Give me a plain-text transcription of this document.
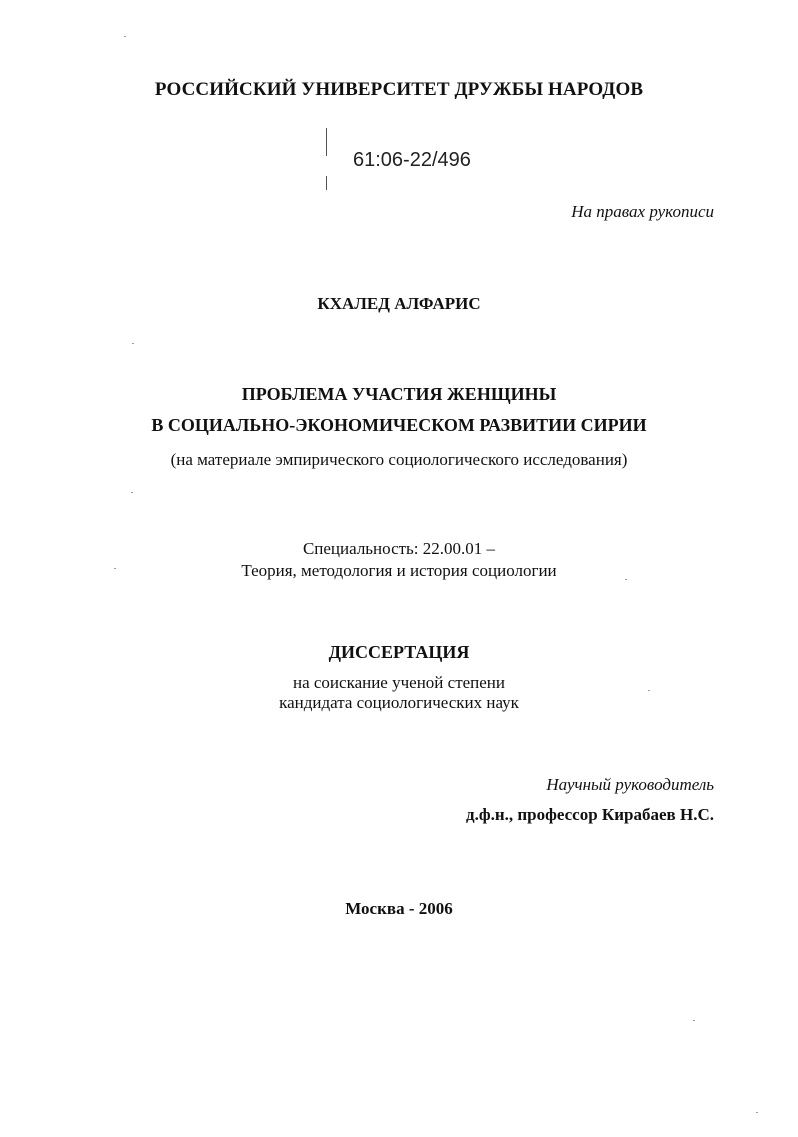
РОССИЙСКИЙ УНИВЕРСИТЕТ ДРУЖБЫ НАРОДОВ
61:06-22/496
На правах рукописи
КХАЛЕД АЛФАРИС
ПРОБЛЕМА УЧАСТИЯ ЖЕНЩИНЫ
В СОЦИАЛЬНО-ЭКОНОМИЧЕСКОМ РАЗВИТИИ СИРИИ
(на материале эмпирического социологического исследования)
Специальность: 22.00.01 –
Теория, методология и история социологии
ДИССЕРТАЦИЯ
на соискание ученой степени
кандидата социологических наук
Научный руководитель
д.ф.н., профессор Кирабаев Н.С.
Москва - 2006
